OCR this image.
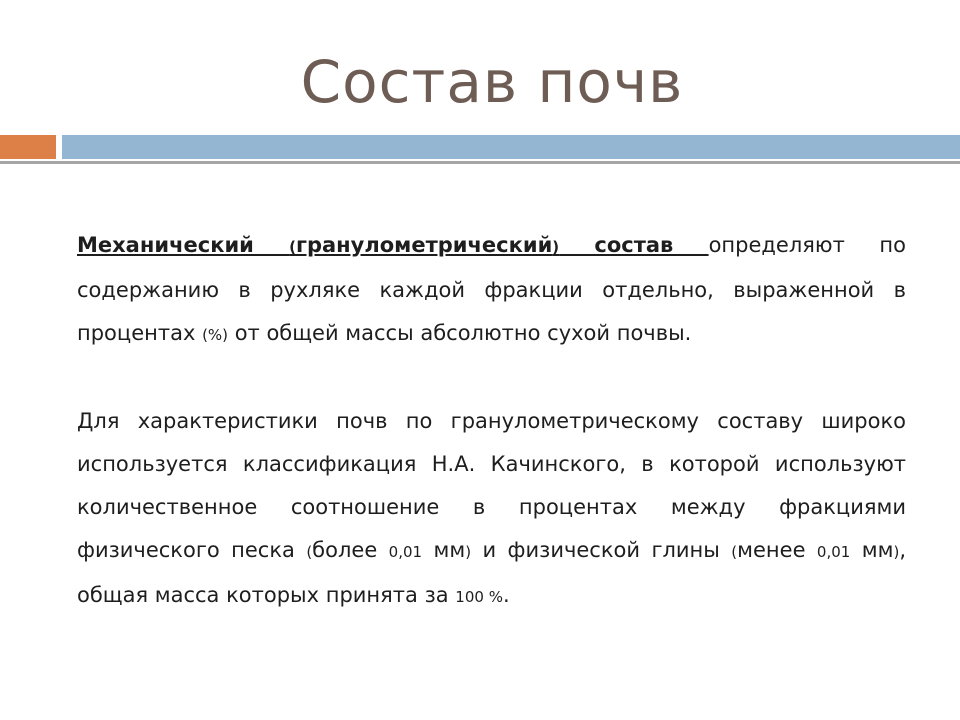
Состав почв

Механический (гранулометрический) состав определяют по содержанию в рухляке каждой фракции отдельно, выраженной в процентах (%) от общей массы абсолютно сухой почвы.

Для характеристики почв по гранулометрическому составу широко используется классификация Н.А. Качинского, в которой используют количественное соотношение в процентах между фракциями физического песка (более 0,01 мм) и физической глины (менее 0,01 мм), общая масса которых принята за 100 %.
